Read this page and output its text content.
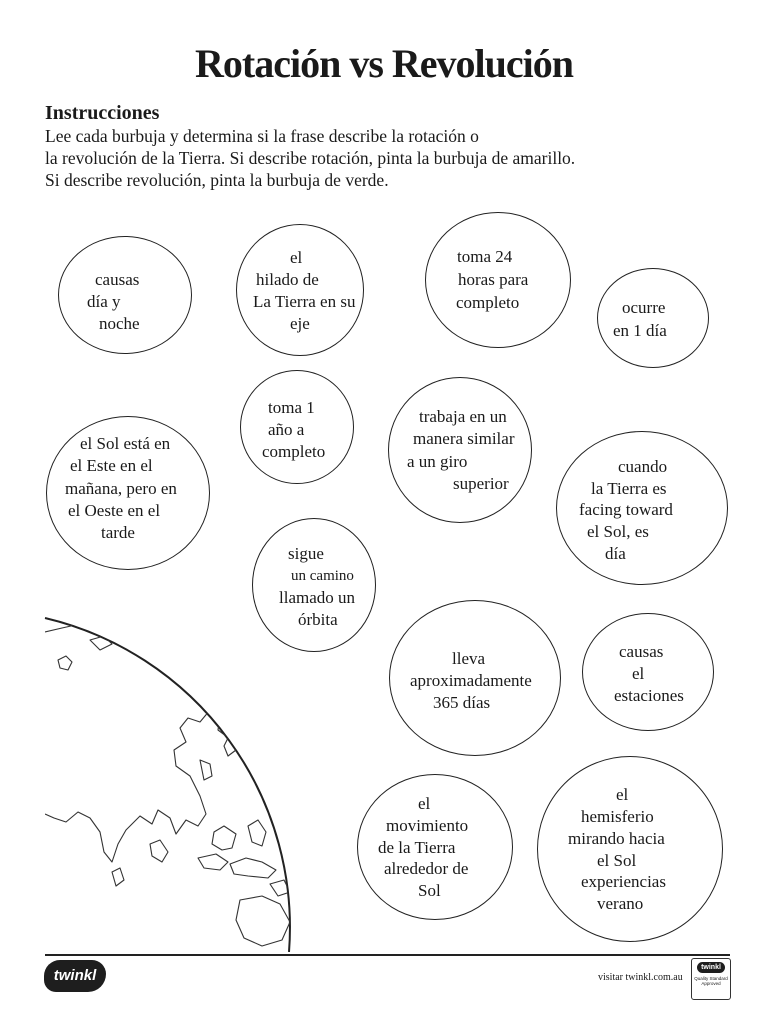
Rotación vs Revolución
Instrucciones
Lee cada burbuja y determina si la frase describe la rotación o
la revolución de la Tierra. Si describe rotación, pinta la burbuja de amarillo.
Si describe revolución, pinta la burbuja de verde.
causas
día y
noche
el
hilado de
La Tierra en su
eje
toma 24
horas para
completo	ocurre
en 1 día
toma 1
año a
completo
trabaja en un
manera similar
a un giro
superior
el Sol está en
el Este en el
mañana, pero en
el Oeste en el
tarde
cuando
la Tierra es
facing toward
el Sol, es
día
sigue
un camino
llamado un
órbita
lleva
aproximadamente
365 días
causas
el
estaciones
el
movimiento
de la Tierra
alrededor de
Sol
el
hemisferio
mirando hacia
el Sol
experiencias
verano
twinkl	visitar twinkl.com.au
twinkl
Quality Standard Approved
